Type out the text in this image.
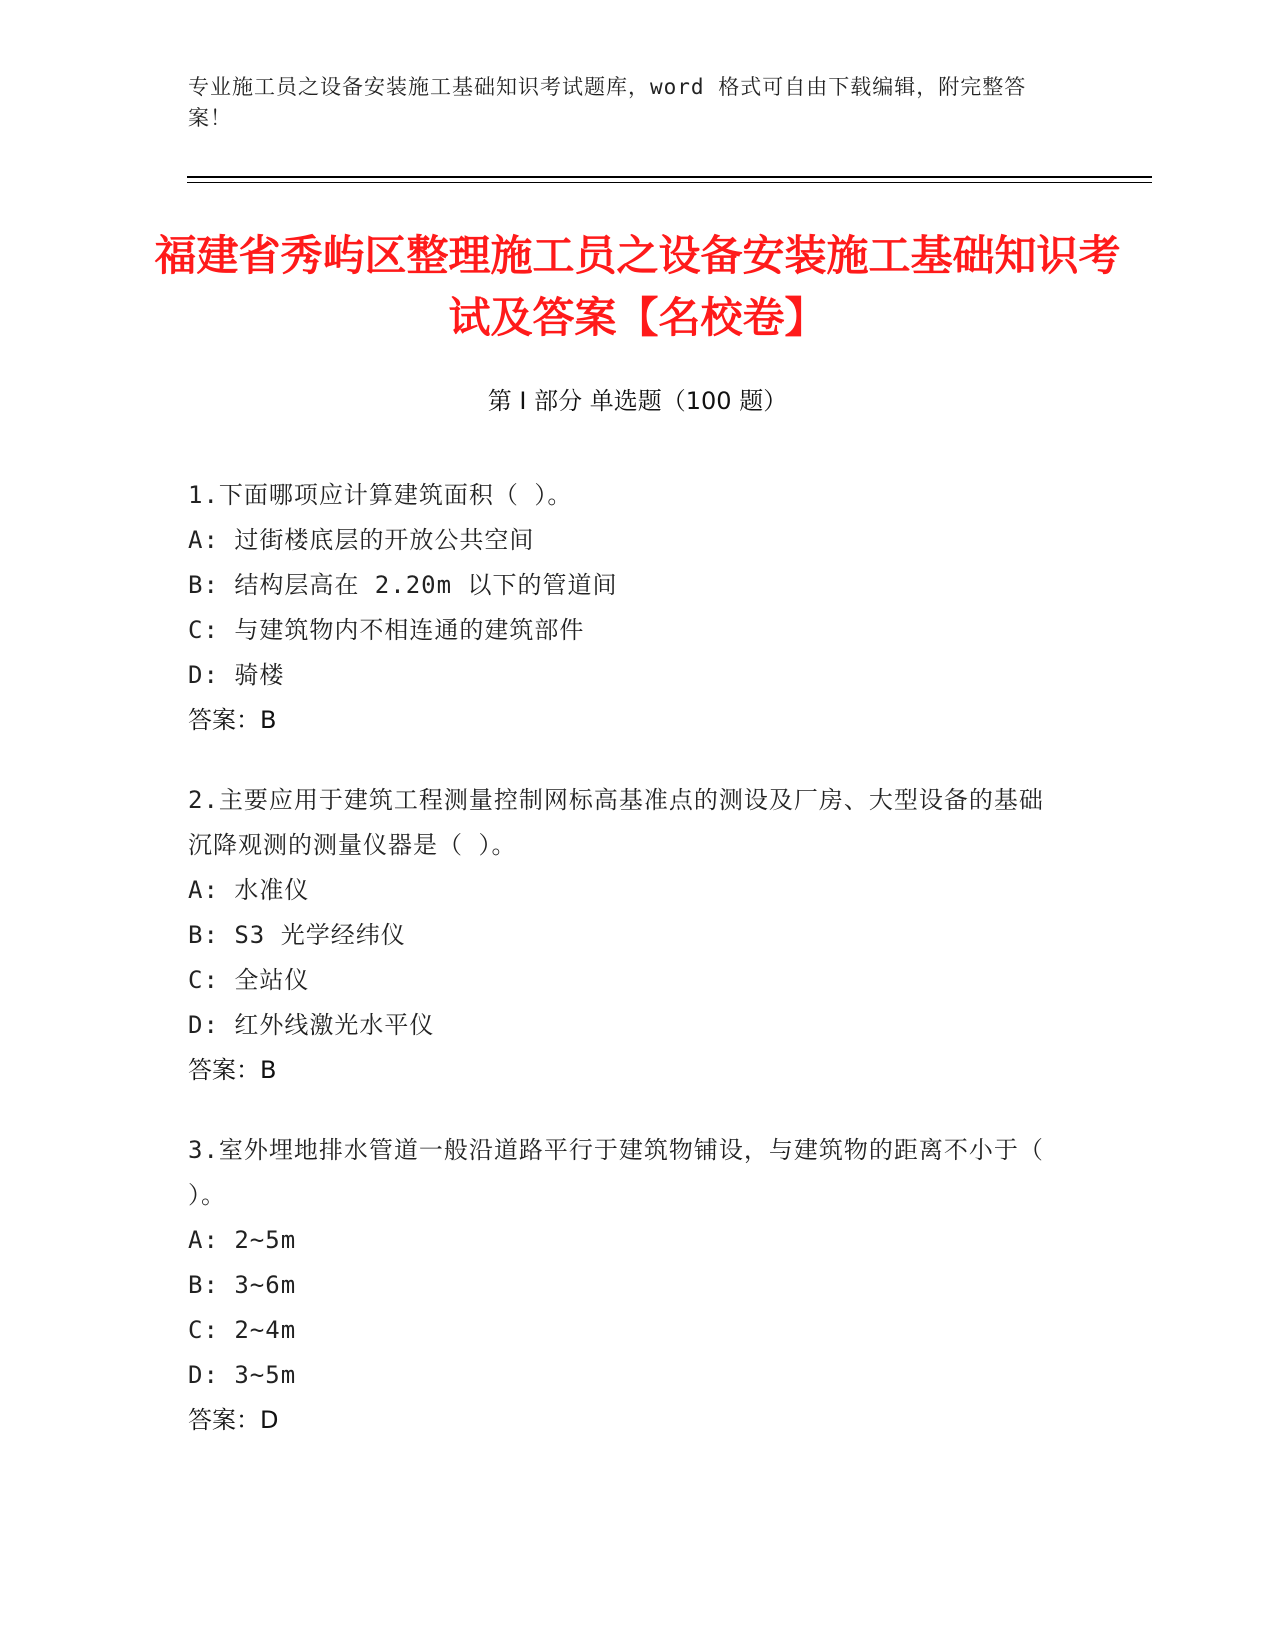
专业施工员之设备安装施工基础知识考试题库，word 格式可自由下载编辑，附完整答案！
福建省秀屿区整理施工员之设备安装施工基础知识考试及答案【名校卷】
第 I 部分 单选题（100 题）
1.下面哪项应计算建筑面积（ ）。
A: 过街楼底层的开放公共空间
B: 结构层高在 2.20m 以下的管道间
C: 与建筑物内不相连通的建筑部件
D: 骑楼
答案：B
2.主要应用于建筑工程测量控制网标高基准点的测设及厂房、大型设备的基础沉降观测的测量仪器是（ ）。
A: 水准仪
B: S3 光学经纬仪
C: 全站仪
D: 红外线激光水平仪
答案：B
3.室外埋地排水管道一般沿道路平行于建筑物铺设，与建筑物的距离不小于（ ）。
A: 2~5m
B: 3~6m
C: 2~4m
D: 3~5m
答案：D
